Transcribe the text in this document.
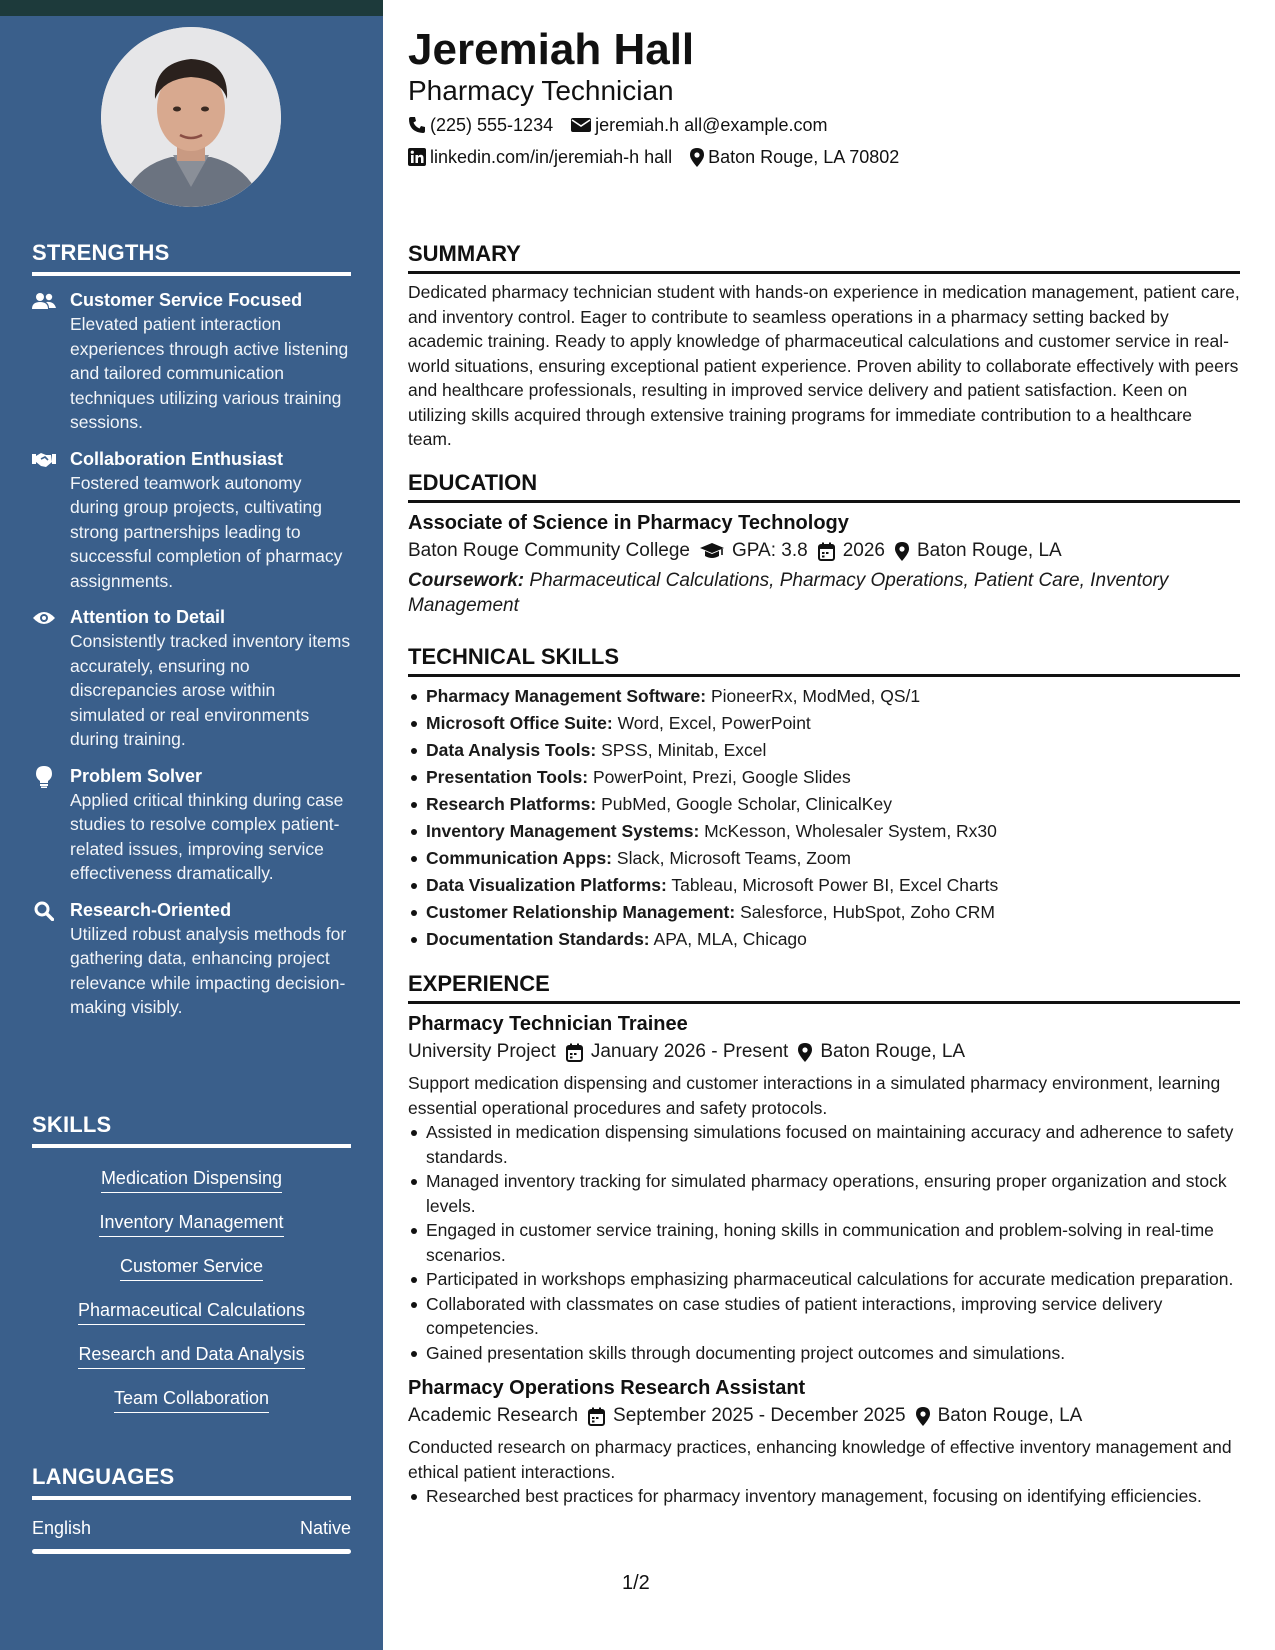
STRENGTHS
Customer Service Focused
Elevated patient interaction experiences through active listening and tailored communication techniques utilizing various training sessions.
Collaboration Enthusiast
Fostered teamwork autonomy during group projects, cultivating strong partnerships leading to successful completion of pharmacy assignments.
Attention to Detail
Consistently tracked inventory items accurately, ensuring no discrepancies arose within simulated or real environments during training.
Problem Solver
Applied critical thinking during case studies to resolve complex patient-related issues, improving service effectiveness dramatically.
Research-Oriented
Utilized robust analysis methods for gathering data, enhancing project relevance while impacting decision-making visibly.
SKILLS
Medication Dispensing
Inventory Management
Customer Service
Pharmaceutical Calculations
Research and Data Analysis
Team Collaboration
LANGUAGES
English	Native
Jeremiah Hall
Pharmacy Technician
(225) 555-1234 jeremiah.h all@example.com
linkedin.com/in/jeremiah-h hall Baton Rouge, LA 70802
SUMMARY
Dedicated pharmacy technician student with hands-on experience in medication management, patient care, and inventory control. Eager to contribute to seamless operations in a pharmacy setting backed by academic training. Ready to apply knowledge of pharmaceutical calculations and customer service in real-world situations, ensuring exceptional patient experience. Proven ability to collaborate effectively with peers and healthcare professionals, resulting in improved service delivery and patient satisfaction. Keen on utilizing skills acquired through extensive training programs for immediate contribution to a healthcare team.
EDUCATION
Associate of Science in Pharmacy Technology
Baton Rouge Community College GPA: 3.8 2026 Baton Rouge, LA
Coursework: Pharmaceutical Calculations, Pharmacy Operations, Patient Care, Inventory Management
TECHNICAL SKILLS
Pharmacy Management Software: PioneerRx, ModMed, QS/1
Microsoft Office Suite: Word, Excel, PowerPoint
Data Analysis Tools: SPSS, Minitab, Excel
Presentation Tools: PowerPoint, Prezi, Google Slides
Research Platforms: PubMed, Google Scholar, ClinicalKey
Inventory Management Systems: McKesson, Wholesaler System, Rx30
Communication Apps: Slack, Microsoft Teams, Zoom
Data Visualization Platforms: Tableau, Microsoft Power BI, Excel Charts
Customer Relationship Management: Salesforce, HubSpot, Zoho CRM
Documentation Standards: APA, MLA, Chicago
EXPERIENCE
Pharmacy Technician Trainee
University Project January 2026 - Present Baton Rouge, LA
Support medication dispensing and customer interactions in a simulated pharmacy environment, learning essential operational procedures and safety protocols.
Assisted in medication dispensing simulations focused on maintaining accuracy and adherence to safety standards.
Managed inventory tracking for simulated pharmacy operations, ensuring proper organization and stock levels.
Engaged in customer service training, honing skills in communication and problem-solving in real-time scenarios.
Participated in workshops emphasizing pharmaceutical calculations for accurate medication preparation.
Collaborated with classmates on case studies of patient interactions, improving service delivery competencies.
Gained presentation skills through documenting project outcomes and simulations.
Pharmacy Operations Research Assistant
Academic Research September 2025 - December 2025 Baton Rouge, LA
Conducted research on pharmacy practices, enhancing knowledge of effective inventory management and ethical patient interactions.
Researched best practices for pharmacy inventory management, focusing on identifying efficiencies.
1/2
